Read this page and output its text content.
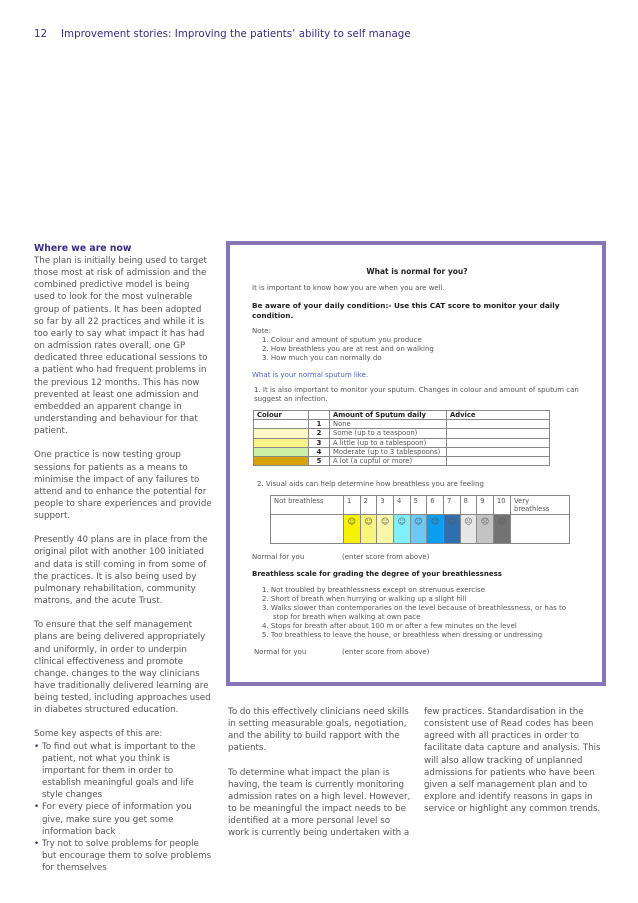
12 Improvement stories: Improving the patients’ ability to self manage
Where we are now

The plan is initially being used to target those most at risk of admission and the combined predictive model is being used to look for the most vulnerable group of patients. It has been adopted so far by all 22 practices and while it is too early to say what impact it has had on admission rates overall, one GP dedicated three educational sessions to a patient who had frequent problems in the previous 12 months. This has now prevented at least one admission and embedded an apparent change in understanding and behaviour for that patient.

One practice is now testing group sessions for patients as a means to minimise the impact of any failures to attend and to enhance the potential for people to share experiences and provide support.

Presently 40 plans are in place from the original pilot with another 100 initiated and data is still coming in from some of the practices. It is also being used by pulmonary rehabilitation, community matrons, and the acute Trust.

To ensure that the self management plans are being delivered appropriately and uniformly, in order to underpin clinical effectiveness and promote change. changes to the way clinicians have traditionally delivered learning are being tested, including approaches used in diabetes structured education.

Some key aspects of this are:

• To find out what is important to the patient, not what you think is important for them in order to establish meaningful goals and life style changes
• For every piece of information you give, make sure you get some information back
• Try not to solve problems for people but encourage them to solve problems for themselves
What is normal for you?

It is important to know how you are when you are well.

Be aware of your daily condition:- Use this CAT score to monitor your daily condition.

Note:

1. Colour and amount of sputum you produce
2. How breathless you are at rest and on walking
3. How much you can normally do

What is your normal sputum like.

1. It is also important to monitor your sputum. Changes in colour and amount of sputum can suggest an infection.

Colour		Amount of Sputum daily	Advice
	1	None	
	2	Some (up to a teaspoon)	
	3	A little (up to a tablespoon)	
	4	Moderate (up to 3 tablespoons)	
	5	A lot (a cupful or more)	

2. Visual aids can help determine how breathless you are feeling

Not breathless	1	2	3	4	5	6	7	8	9	10	Very breathless
	☺	☺	☺	☺	☺	☺	☺	☹	☹	☹	
Normal for you	(enter score from above)

Breathless scale for grading the degree of your breathlessness

1. Not troubled by breathlessness except on strenuous exercise
2. Short of breath when hurrying or walking up a slight hill
3. Walks slower than contemporaries on the level because of breathlessness, or has to stop for breath when walking at own pace
4. Stops for breath after about 100 m or after a few minutes on the level
5. Too breathless to leave the house, or breathless when dressing or undressing
Normal for you	(enter score from above)

To do this effectively clinicians need skills in setting measurable goals, negotiation, and the ability to build rapport with the patients.

To determine what impact the plan is having, the team is currently monitoring admission rates on a high level. However, to be meaningful the impact needs to be identified at a more personal level so work is currently being undertaken with a

few practices. Standardisation in the consistent use of Read codes has been agreed with all practices in order to facilitate data capture and analysis. This will also allow tracking of unplanned admissions for patients who have been given a self management plan and to explore and identify reasons in gaps in service or highlight any common trends.
